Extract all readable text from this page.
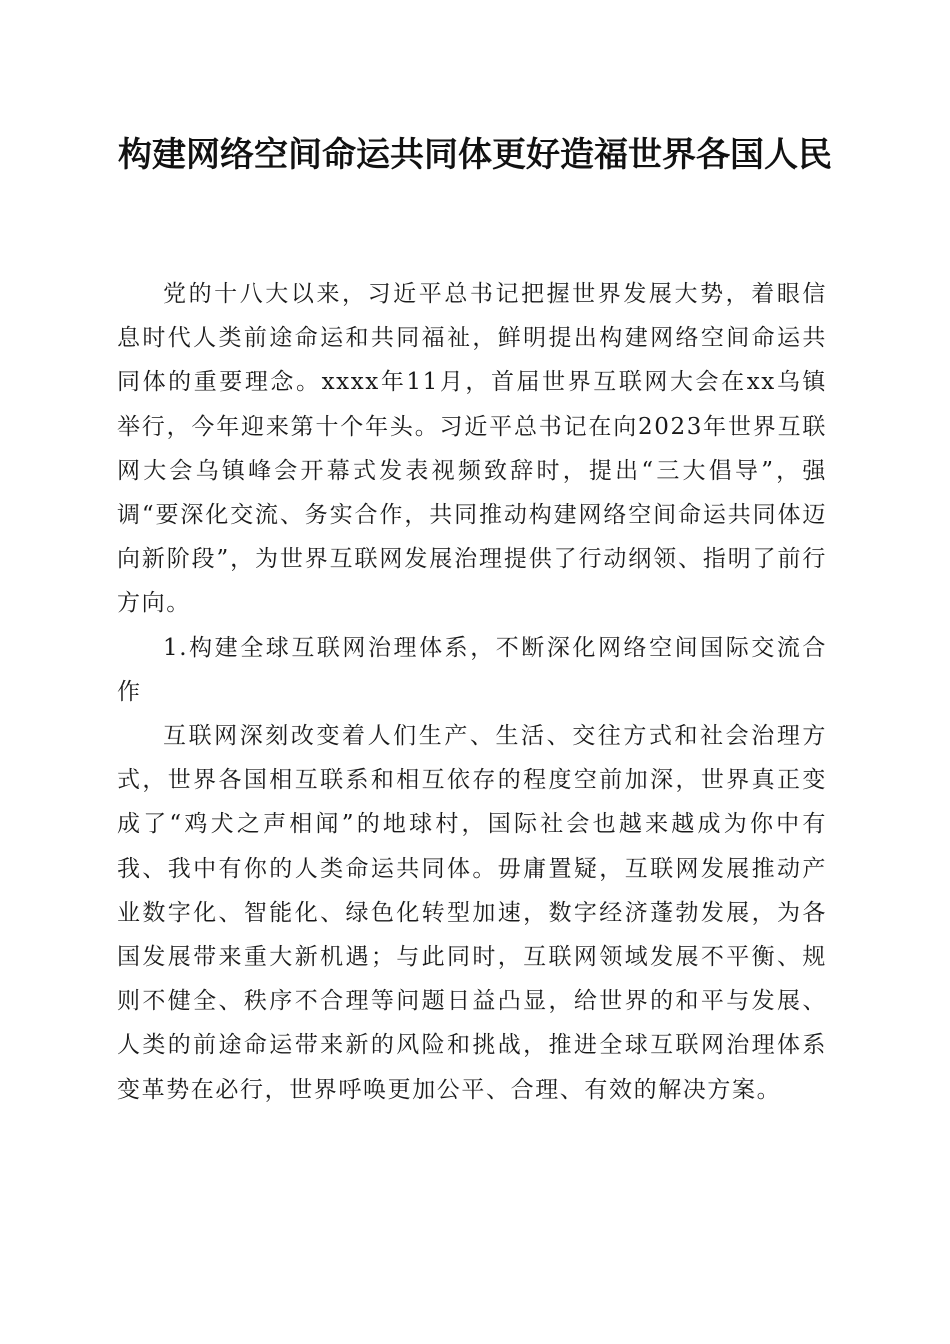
构建网络空间命运共同体更好造福世界各国人民

党的十八大以来，习近平总书记把握世界发展大势，着眼信息时代人类前途命运和共同福祉，鲜明提出构建网络空间命运共同体的重要理念。xxxx年11月，首届世界互联网大会在xx乌镇举行，今年迎来第十个年头。习近平总书记在向2023年世界互联网大会乌镇峰会开幕式发表视频致辞时，提出“三大倡导”，强调“要深化交流、务实合作，共同推动构建网络空间命运共同体迈向新阶段”，为世界互联网发展治理提供了行动纲领、指明了前行方向。

1.构建全球互联网治理体系，不断深化网络空间国际交流合作

互联网深刻改变着人们生产、生活、交往方式和社会治理方式，世界各国相互联系和相互依存的程度空前加深，世界真正变成了“鸡犬之声相闻”的地球村，国际社会也越来越成为你中有我、我中有你的人类命运共同体。毋庸置疑，互联网发展推动产业数字化、智能化、绿色化转型加速，数字经济蓬勃发展，为各国发展带来重大新机遇；与此同时，互联网领域发展不平衡、规则不健全、秩序不合理等问题日益凸显，给世界的和平与发展、人类的前途命运带来新的风险和挑战，推进全球互联网治理体系变革势在必行，世界呼唤更加公平、合理、有效的解决方案。
